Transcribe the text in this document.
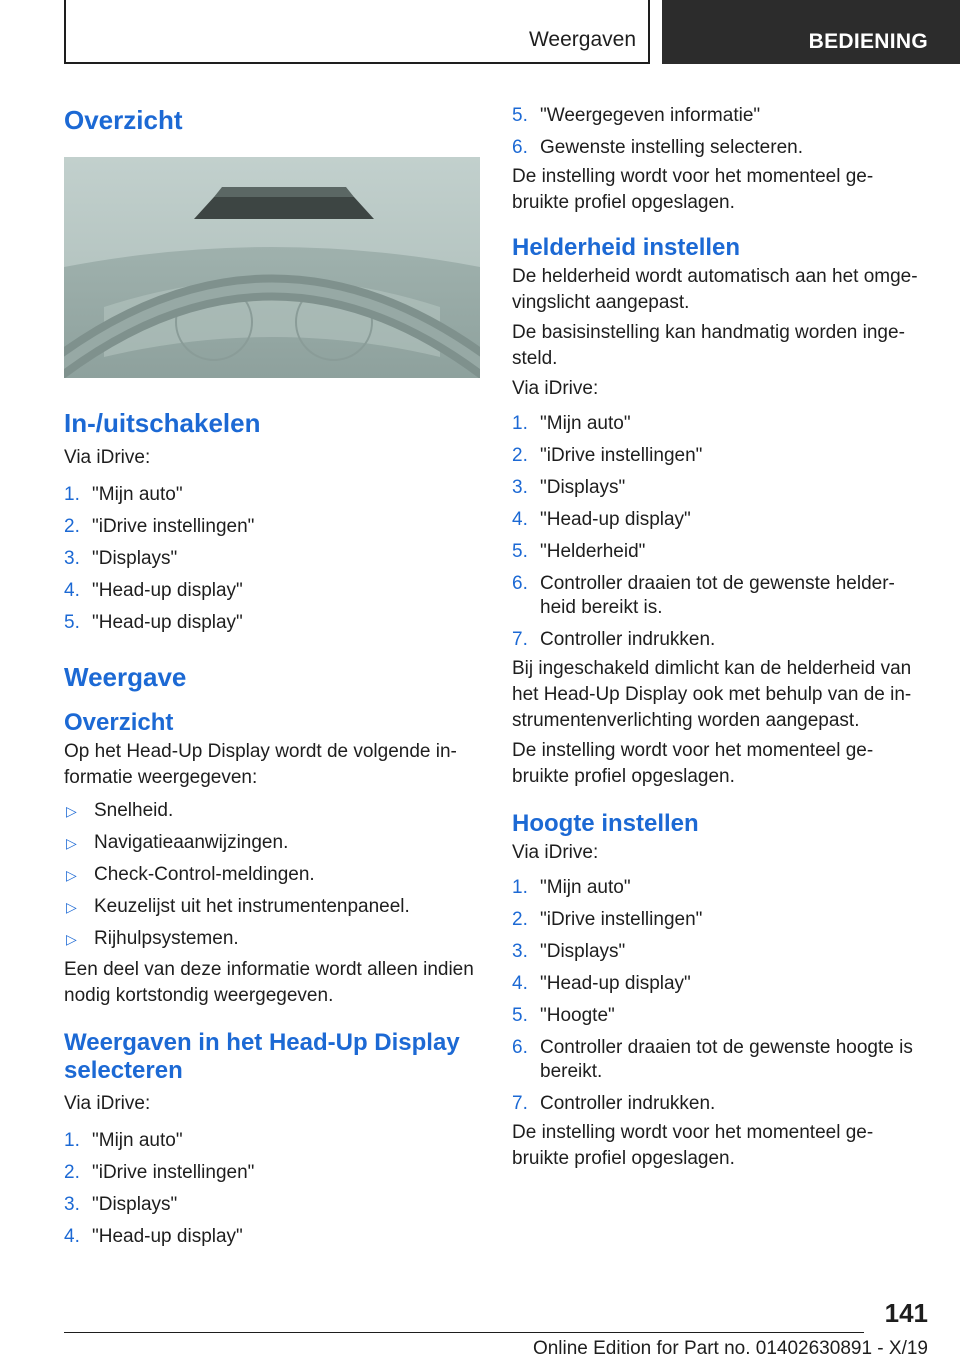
Weergaven	BEDIENING
Overzicht
In-/uitschakelen
Via iDrive:
1. "Mijn auto"
2. "iDrive instellingen"
3. "Displays"
4. "Head-up display"
5. "Head-up display"
Weergave
Overzicht
Op het Head-Up Display wordt de volgende in-formatie weergegeven:
▷ Snelheid.
▷ Navigatieaanwijzingen.
▷ Check-Control-meldingen.
▷ Keuzelijst uit het instrumentenpaneel.
▷ Rijhulpsystemen.
Een deel van deze informatie wordt alleen indien nodig kortstondig weergegeven.
Weergaven in het Head-Up Display selecteren
Via iDrive:
1. "Mijn auto"
2. "iDrive instellingen"
3. "Displays"
4. "Head-up display"
5. "Weergegeven informatie"
6. Gewenste instelling selecteren.
De instelling wordt voor het momenteel ge-bruikte profiel opgeslagen.
Helderheid instellen
De helderheid wordt automatisch aan het omge-vingslicht aangepast.
De basisinstelling kan handmatig worden inge-steld.
Via iDrive:
1. "Mijn auto"
2. "iDrive instellingen"
3. "Displays"
4. "Head-up display"
5. "Helderheid"
6. Controller draaien tot de gewenste helder-heid bereikt is.
7. Controller indrukken.
Bij ingeschakeld dimlicht kan de helderheid van het Head-Up Display ook met behulp van de in-strumentenverlichting worden aangepast.
De instelling wordt voor het momenteel ge-bruikte profiel opgeslagen.
Hoogte instellen
Via iDrive:
1. "Mijn auto"
2. "iDrive instellingen"
3. "Displays"
4. "Head-up display"
5. "Hoogte"
6. Controller draaien tot de gewenste hoogte is bereikt.
7. Controller indrukken.
De instelling wordt voor het momenteel ge-bruikte profiel opgeslagen.
141
Online Edition for Part no. 01402630891 - X/19
